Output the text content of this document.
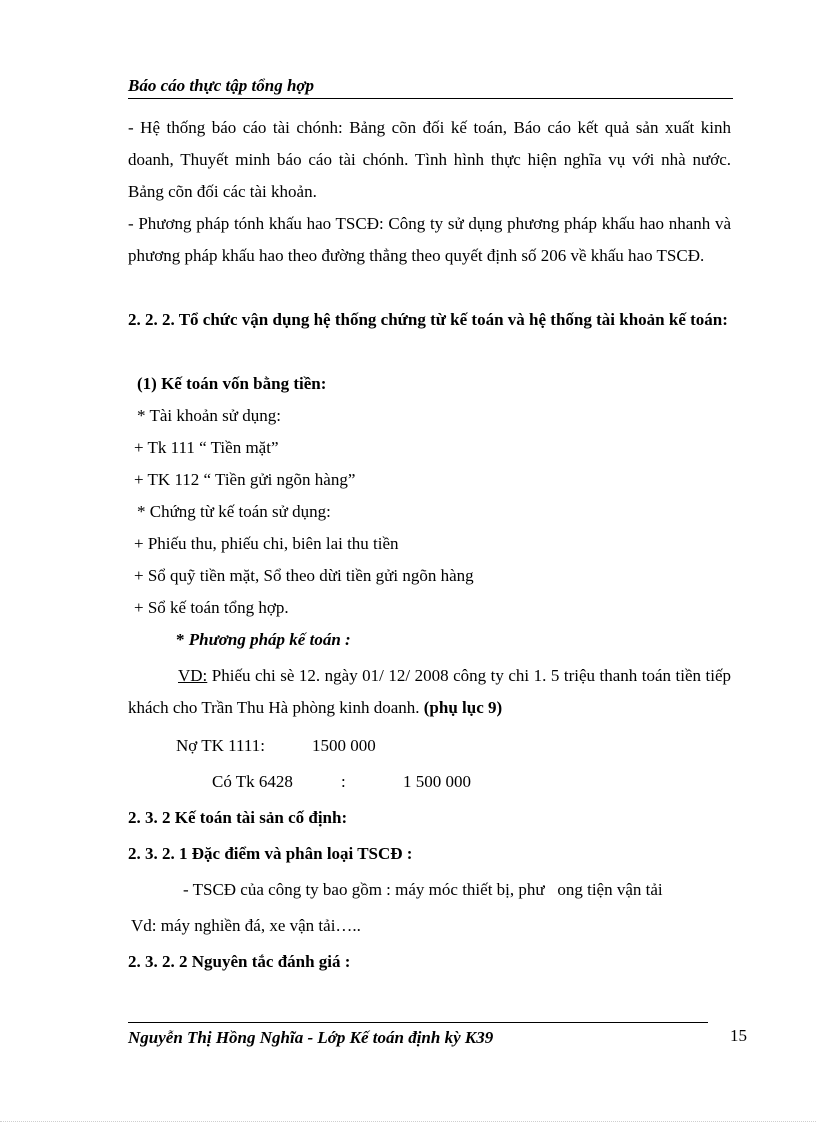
Báo cáo thực tập tổng hợp
- Hệ thống báo cáo tài chónh: Bảng cõn đối kế toán, Báo cáo kết quả sản xuất kinh doanh, Thuyết minh báo cáo tài chónh. Tình hình thực hiện nghĩa vụ với nhà nước. Bảng cõn đối các tài khoản.
- Phương pháp tónh khấu hao TSCĐ: Công ty sử dụng phương pháp khấu hao nhanh và phương pháp khấu hao theo đường thẳng theo quyết định số 206 về khấu hao TSCĐ.
2. 2. 2. Tổ chức vận dụng hệ thống chứng từ kế toán và hệ thống tài khoản kế toán:
(1) Kế toán vốn bằng tiền:
* Tài khoản sử dụng:
+ Tk 111 “ Tiền mặt”
+ TK 112 “ Tiền gửi ngõn hàng”
* Chứng từ kế toán sử dụng:
+ Phiếu thu, phiếu chi, biên lai thu tiền
+ Sổ quỹ tiền mặt, Sổ theo dừi tiền gửi ngõn hàng
+ Sổ kế toán tổng hợp.
* Phương pháp kế toán :
VD: Phiếu chi sè 12. ngày 01/ 12/ 2008 công ty chi 1. 5 triệu thanh toán tiền tiếp khách cho Trần Thu Hà phòng kinh doanh. (phụ lục 9)
Nợ TK 1111:	1500 000
Có Tk 6428	:	1 500 000
2. 3. 2 Kế toán tài sản cố định:
2. 3. 2. 1 Đặc điểm và phân loại TSCĐ :
- TSCĐ của công ty bao gồm : máy móc thiết bị, phư   ong tiện vận tải
Vd: máy nghiền đá, xe vận tải…..
2. 3. 2. 2 Nguyên tắc đánh giá :
Nguyễn Thị Hồng Nghĩa - Lớp Kế toán định kỳ K39	15
